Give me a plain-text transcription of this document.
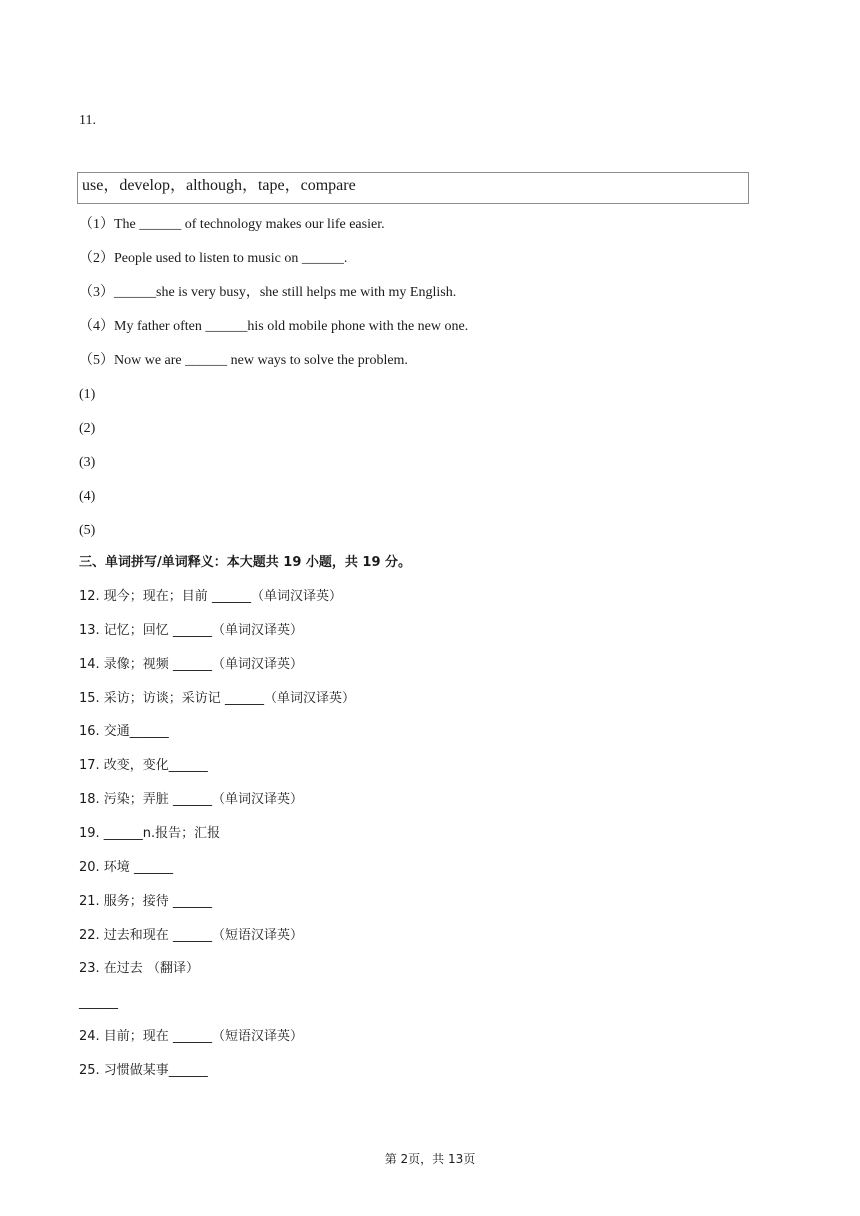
11.
use，develop，although，tape，compare
（1）The ______ of technology makes our life easier.
（2）People used to listen to music on ______.
（3）______she is very busy，she still helps me with my English.
（4）My father often ______his old mobile phone with the new one.
（5）Now we are ______ new ways to solve the problem.
(1)
(2)
(3)
(4)
(5)
三、单词拼写/单词释义：本大题共 19 小题，共 19 分。
12. 现今；现在；目前 ______（单词汉译英）
13. 记忆；回忆 ______（单词汉译英）
14. 录像；视频 ______（单词汉译英）
15. 采访；访谈；采访记 ______（单词汉译英）
16. 交通______
17. 改变，变化______
18. 污染；弄脏 ______（单词汉译英）
19. ______n.报告；汇报
20. 环境 ______
21. 服务；接待 ______
22. 过去和现在 ______（短语汉译英）
23. 在过去 （翻译）
______
24. 目前；现在 ______（短语汉译英）
25. 习惯做某事______
第 2页，共 13页
